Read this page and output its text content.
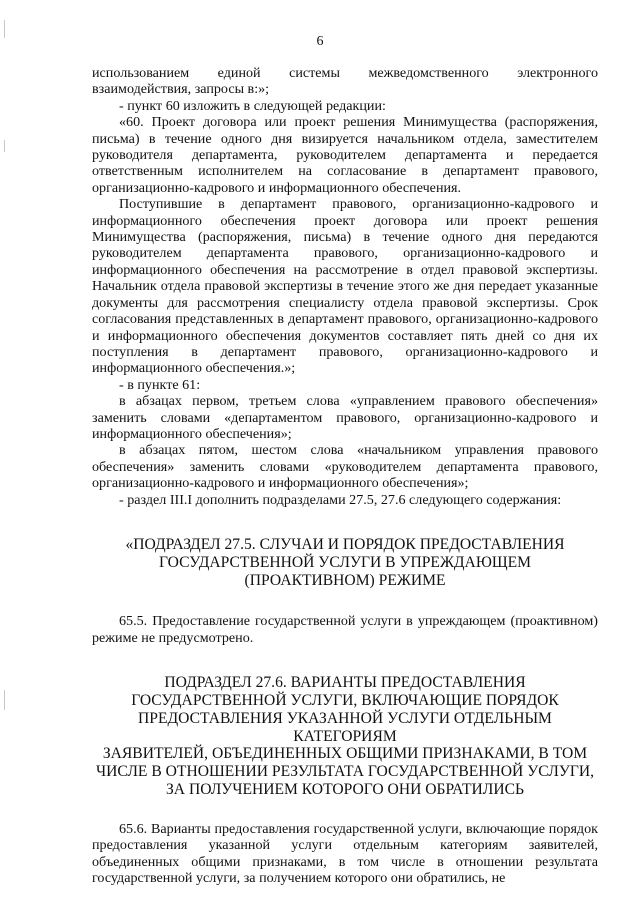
6

использованием единой системы межведомственного электронного взаимодействия, запросы в:»;

- пункт 60 изложить в следующей редакции:

«60. Проект договора или проект решения Минимущества (распоряжения, письма) в течение одного дня визируется начальником отдела, заместителем руководителя департамента, руководителем департамента и передается ответственным исполнителем на согласование в департамент правового, организационно-кадрового и информационного обеспечения.

Поступившие в департамент правового, организационно-кадрового и информационного обеспечения проект договора или проект решения Минимущества (распоряжения, письма) в течение одного дня передаются руководителем департамента правового, организационно-кадрового и информационного обеспечения на рассмотрение в отдел правовой экспертизы. Начальник отдела правовой экспертизы в течение этого же дня передает указанные документы для рассмотрения специалисту отдела правовой экспертизы. Срок согласования представленных в департамент правового, организационно-кадрового и информационного обеспечения документов составляет пять дней со дня их поступления в департамент правового, организационно-кадрового и информационного обеспечения.»;

- в пункте 61:

в абзацах первом, третьем слова «управлением правового обеспечения» заменить словами «департаментом правового, организационно-кадрового и информационного обеспечения»;

в абзацах пятом, шестом слова «начальником управления правового обеспечения» заменить словами «руководителем департамента правового, организационно-кадрового и информационного обеспечения»;

- раздел III.I дополнить подразделами 27.5, 27.6 следующего содержания:

«ПОДРАЗДЕЛ 27.5. СЛУЧАИ И ПОРЯДОК ПРЕДОСТАВЛЕНИЯ
ГОСУДАРСТВЕННОЙ УСЛУГИ В УПРЕЖДАЮЩЕМ
(ПРОАКТИВНОМ) РЕЖИМЕ

65.5. Предоставление государственной услуги в упреждающем (проактивном) режиме не предусмотрено.

ПОДРАЗДЕЛ 27.6. ВАРИАНТЫ ПРЕДОСТАВЛЕНИЯ
ГОСУДАРСТВЕННОЙ УСЛУГИ, ВКЛЮЧАЮЩИЕ ПОРЯДОК
ПРЕДОСТАВЛЕНИЯ УКАЗАННОЙ УСЛУГИ ОТДЕЛЬНЫМ КАТЕГОРИЯМ
ЗАЯВИТЕЛЕЙ, ОБЪЕДИНЕННЫХ ОБЩИМИ ПРИЗНАКАМИ, В ТОМ
ЧИСЛЕ В ОТНОШЕНИИ РЕЗУЛЬТАТА ГОСУДАРСТВЕННОЙ УСЛУГИ,
ЗА ПОЛУЧЕНИЕМ КОТОРОГО ОНИ ОБРАТИЛИСЬ

65.6. Варианты предоставления государственной услуги, включающие порядок предоставления указанной услуги отдельным категориям заявителей, объединенных общими признаками, в том числе в отношении результата государственной услуги, за получением которого они обратились, не
